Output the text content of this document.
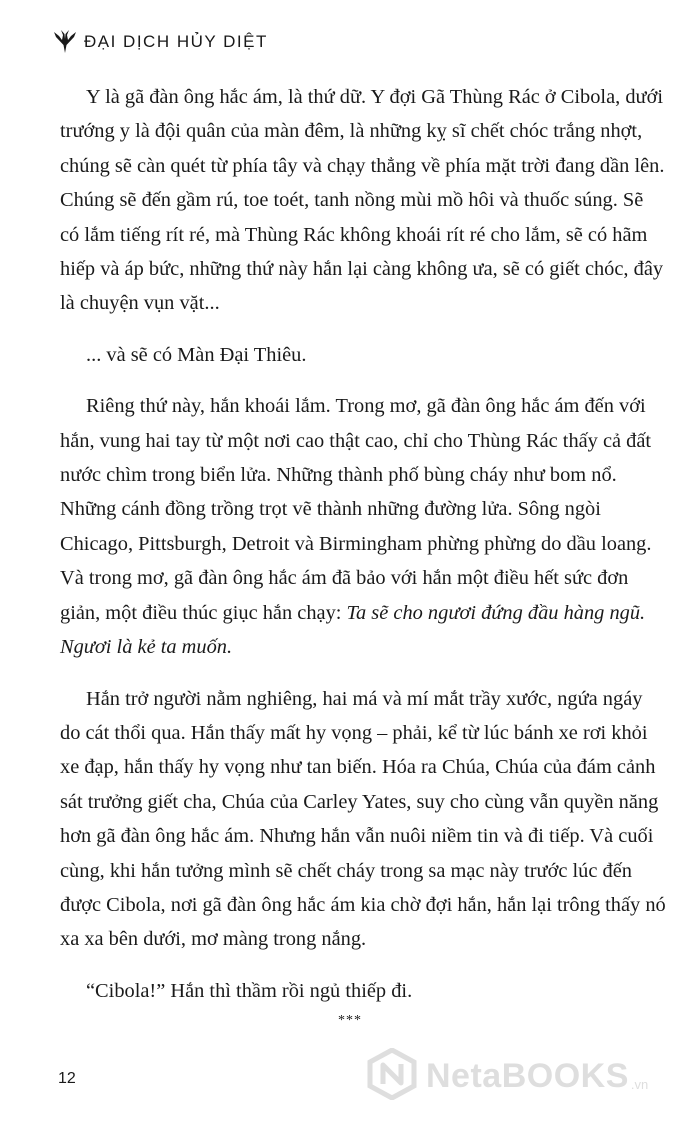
ĐẠI DỊCH HỦY DIỆT

Y là gã đàn ông hắc ám, là thứ dữ. Y đợi Gã Thùng Rác ở Cibola, dưới trướng y là đội quân của màn đêm, là những kỵ sĩ chết chóc trắng nhợt, chúng sẽ càn quét từ phía tây và chạy thẳng về phía mặt trời đang dần lên. Chúng sẽ đến gầm rú, toe toét, tanh nồng mùi mồ hôi và thuốc súng. Sẽ có lắm tiếng rít ré, mà Thùng Rác không khoái rít ré cho lắm, sẽ có hãm hiếp và áp bức, những thứ này hắn lại càng không ưa, sẽ có giết chóc, đây là chuyện vụn vặt...

... và sẽ có Màn Đại Thiêu.

Riêng thứ này, hắn khoái lắm. Trong mơ, gã đàn ông hắc ám đến với hắn, vung hai tay từ một nơi cao thật cao, chỉ cho Thùng Rác thấy cả đất nước chìm trong biển lửa. Những thành phố bùng cháy như bom nổ. Những cánh đồng trồng trọt vẽ thành những đường lửa. Sông ngòi Chicago, Pittsburgh, Detroit và Birmingham phừng phừng do dầu loang. Và trong mơ, gã đàn ông hắc ám đã bảo với hắn một điều hết sức đơn giản, một điều thúc giục hắn chạy: Ta sẽ cho ngươi đứng đầu hàng ngũ. Ngươi là kẻ ta muốn.

Hắn trở người nằm nghiêng, hai má và mí mắt trầy xước, ngứa ngáy do cát thổi qua. Hắn thấy mất hy vọng – phải, kể từ lúc bánh xe rơi khỏi xe đạp, hắn thấy hy vọng như tan biến. Hóa ra Chúa, Chúa của đám cảnh sát trưởng giết cha, Chúa của Carley Yates, suy cho cùng vẫn quyền năng hơn gã đàn ông hắc ám. Nhưng hắn vẫn nuôi niềm tin và đi tiếp. Và cuối cùng, khi hắn tưởng mình sẽ chết cháy trong sa mạc này trước lúc đến được Cibola, nơi gã đàn ông hắc ám kia chờ đợi hắn, hắn lại trông thấy nó xa xa bên dưới, mơ màng trong nắng.

“Cibola!” Hắn thì thầm rồi ngủ thiếp đi.

***
12	NetaBOOKS .vn
